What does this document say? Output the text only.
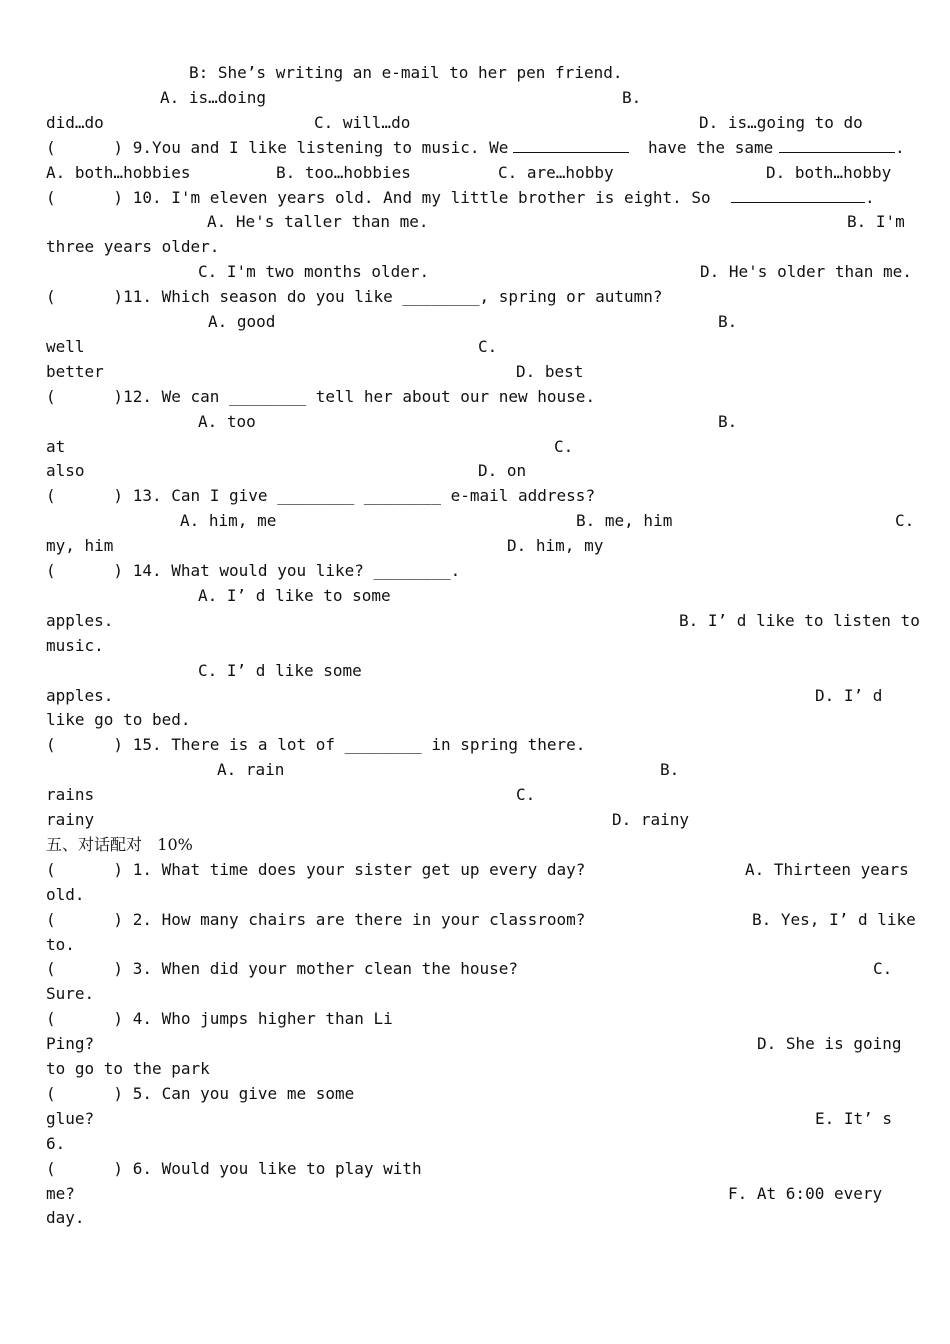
B: She’s writing an e-mail to her pen friend.
A. is…doing	B.
did…do	C. will…do	D. is…going to do
(      ) 9.You and I like listening to music. We	have the same	.
A. both…hobbies	B. too…hobbies	C. are…hobby	D. both…hobby
(      ) 10. I'm eleven years old. And my little brother is eight. So	.
A. He's taller than me.	B. I'm
three years older.
C. I'm two months older.	D. He's older than me.
(      )11. Which season do you like ________, spring or autumn?
A. good	B.
well	C.
better	D. best
(      )12. We can ________ tell her about our new house.
A. too	B.
at	C.
also	D. on
(      ) 13. Can I give ________ ________ e-mail address?
A. him, me	B. me, him	C.
my, him	D. him, my
(      ) 14. What would you like? ________.
A. I’ d like to some
apples.	B. I’ d like to listen to
music.
C. I’ d like some
apples.	D. I’ d
like go to bed.
(      ) 15. There is a lot of ________ in spring there.
A. rain	B.
rains	C.
rainy	D. rainy
五、对话配对   10%
(      ) 1. What time does your sister get up every day?	A. Thirteen years
old.
(      ) 2. How many chairs are there in your classroom?	B. Yes, I’ d like
to.
(      ) 3. When did your mother clean the house?	C.
Sure.
(      ) 4. Who jumps higher than Li
Ping?	D. She is going
to go to the park
(      ) 5. Can you give me some
glue?	E. It’ s
6.
(      ) 6. Would you like to play with
me?	F. At 6:00 every
day.
